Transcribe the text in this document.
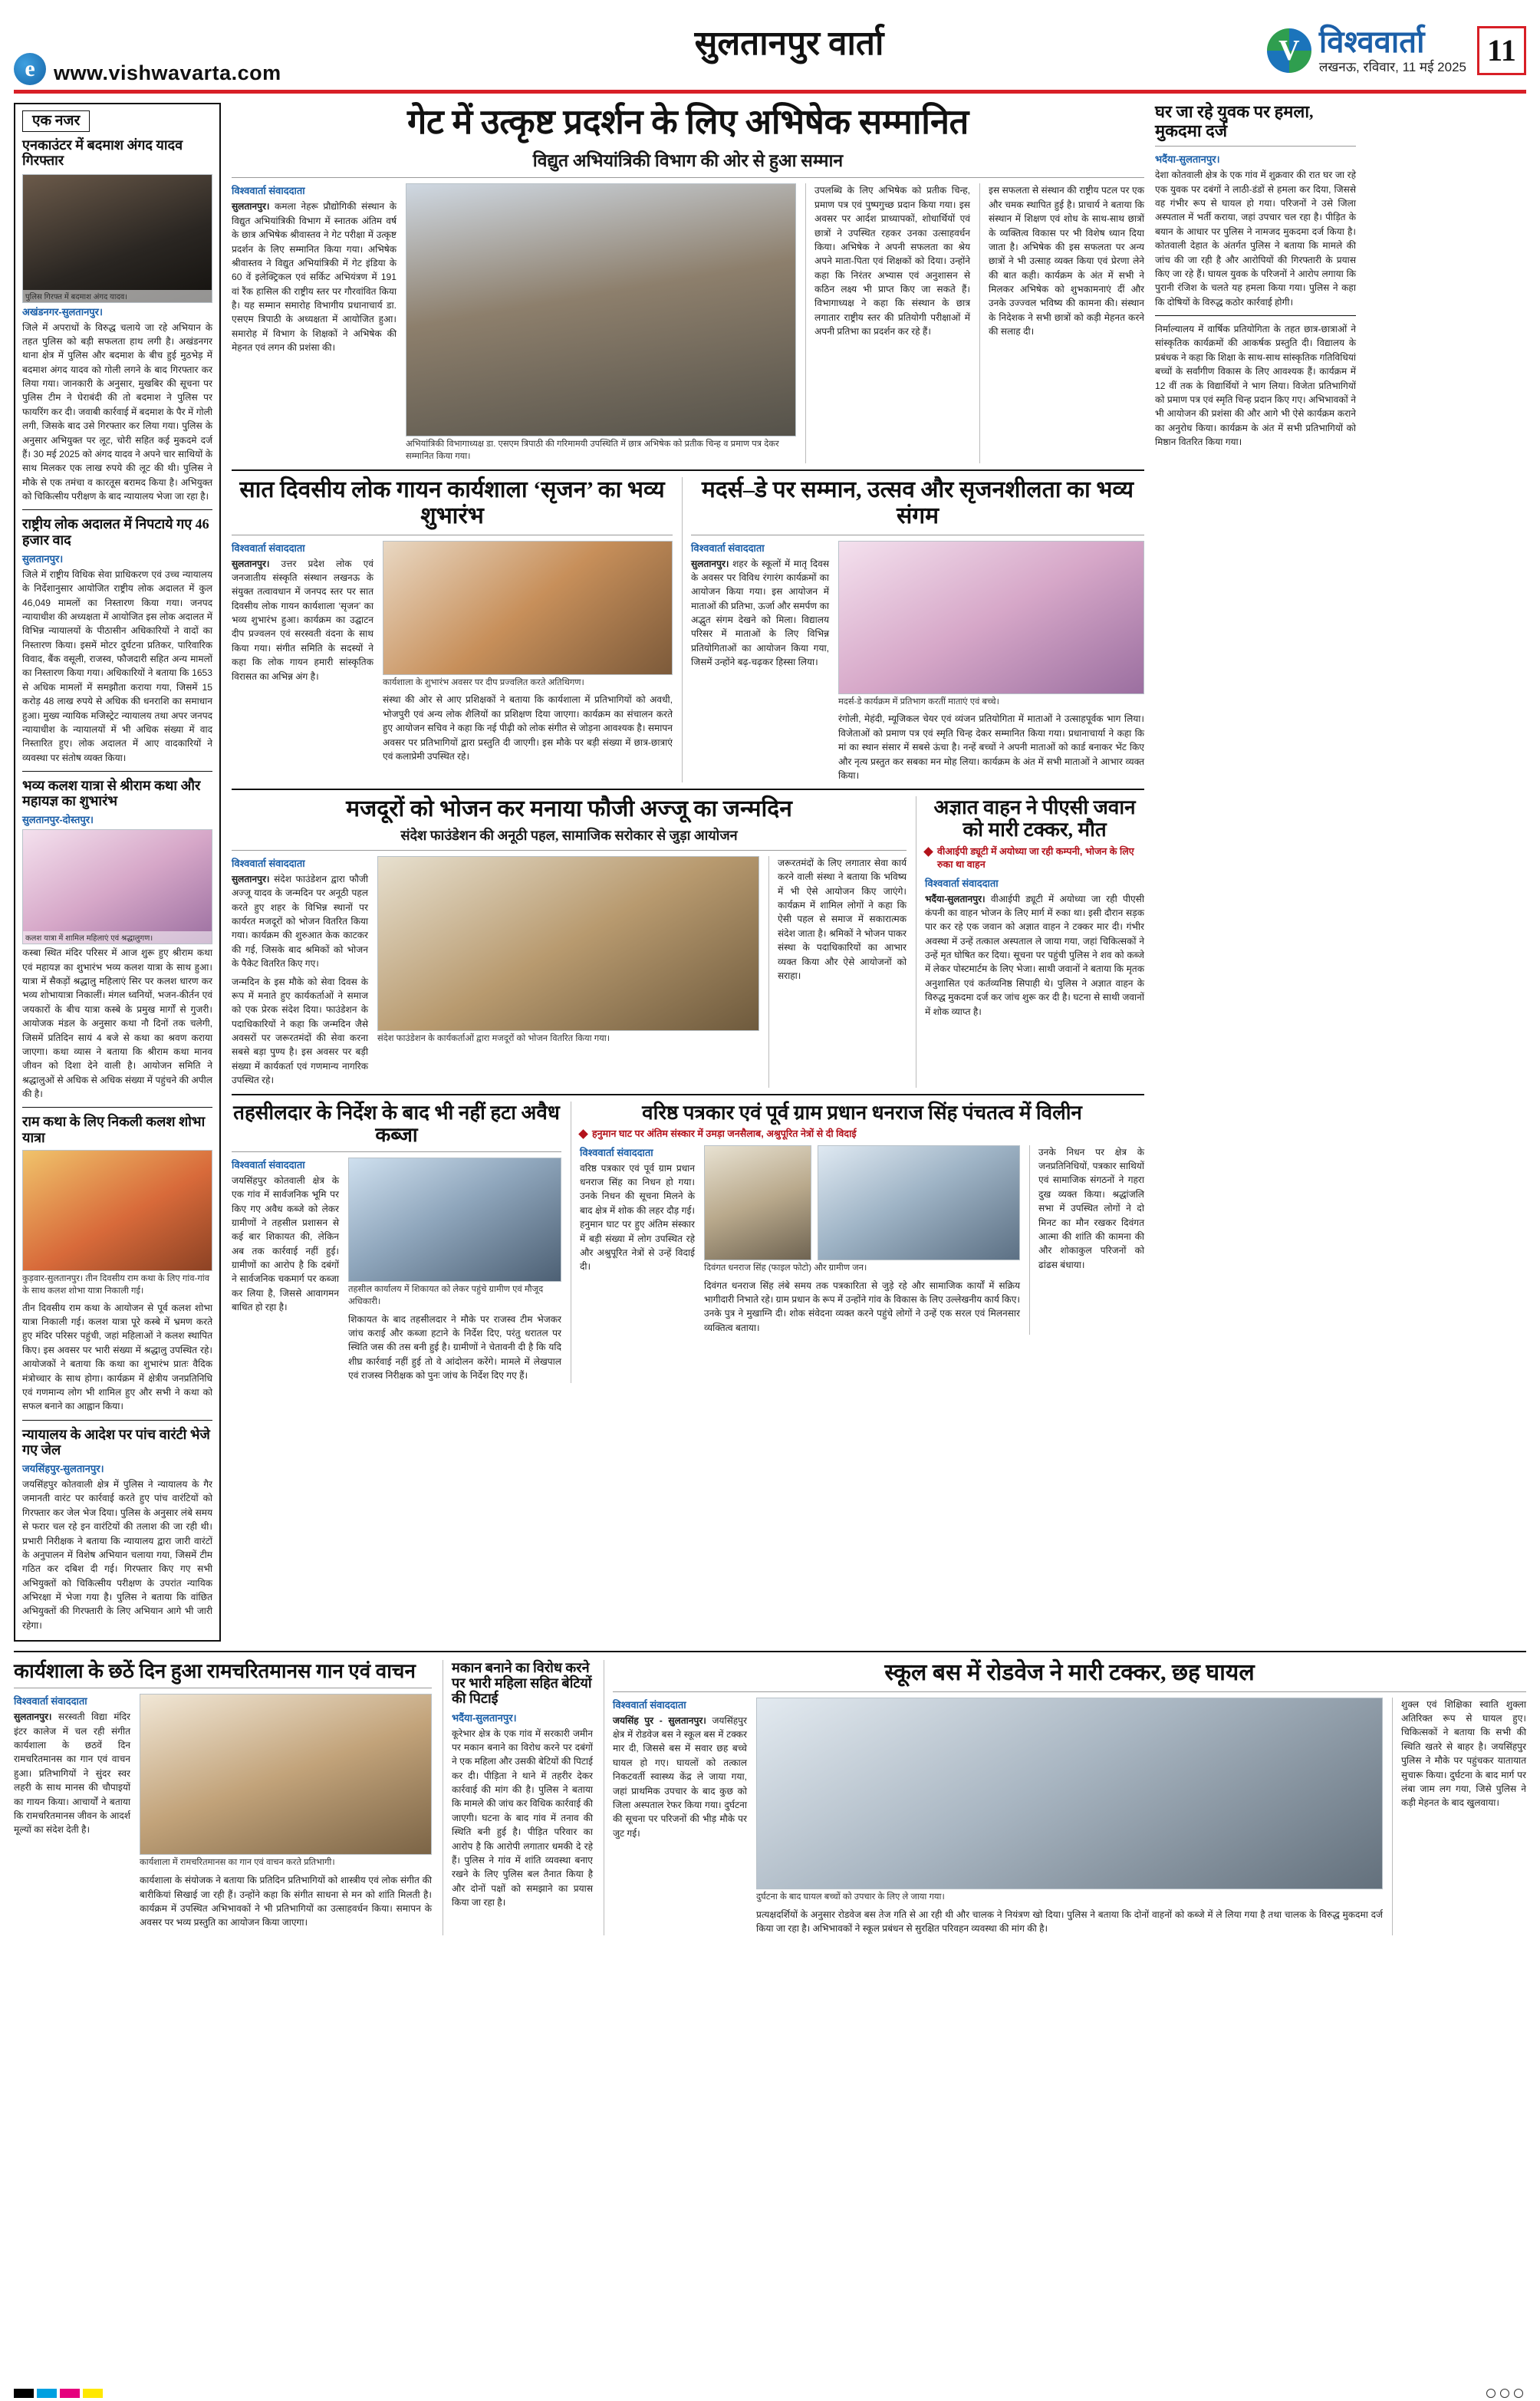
e www.vishwavarta.com
सुलतानपुर वार्ता V	विश्ववार्ता
लखनऊ, रविवार, 11 मई 2025 11
एक नजर
एनकाउंटर में बदमाश अंगद यादव गिरफ्तार
पुलिस गिरफ्त में बदमाश अंगद यादव।
अखंडनगर-सुलतानपुर।
जिले में अपराधों के विरुद्ध चलाये जा रहे अभियान के तहत पुलिस को बड़ी सफलता हाथ लगी है। अखंडनगर थाना क्षेत्र में पुलिस और बदमाश के बीच हुई मुठभेड़ में बदमाश अंगद यादव को गोली लगने के बाद गिरफ्तार कर लिया गया। जानकारी के अनुसार, मुखबिर की सूचना पर पुलिस टीम ने घेराबंदी की तो बदमाश ने पुलिस पर फायरिंग कर दी। जवाबी कार्रवाई में बदमाश के पैर में गोली लगी, जिसके बाद उसे गिरफ्तार कर लिया गया। पुलिस के अनुसार अभियुक्त पर लूट, चोरी सहित कई मुकदमे दर्ज हैं। 30 मई 2025 को अंगद यादव ने अपने चार साथियों के साथ मिलकर एक लाख रुपये की लूट की थी। पुलिस ने मौके से एक तमंचा व कारतूस बरामद किया है। अभियुक्त को चिकित्सीय परीक्षण के बाद न्यायालय भेजा जा रहा है।
राष्ट्रीय लोक अदालत में निपटाये गए 46 हजार वाद
सुलतानपुर।
जिले में राष्ट्रीय विधिक सेवा प्राधिकरण एवं उच्च न्यायालय के निर्देशानुसार आयोजित राष्ट्रीय लोक अदालत में कुल 46,049 मामलों का निस्तारण किया गया। जनपद न्यायाधीश की अध्यक्षता में आयोजित इस लोक अदालत में विभिन्न न्यायालयों के पीठासीन अधिकारियों ने वादों का निस्तारण किया। इसमें मोटर दुर्घटना प्रतिकर, पारिवारिक विवाद, बैंक वसूली, राजस्व, फौजदारी सहित अन्य मामलों का निस्तारण किया गया। अधिकारियों ने बताया कि 1653 से अधिक मामलों में समझौता कराया गया, जिसमें 15 करोड़ 48 लाख रुपये से अधिक की धनराशि का समाधान हुआ। मुख्य न्यायिक मजिस्ट्रेट न्यायालय तथा अपर जनपद न्यायाधीश के न्यायालयों में भी अधिक संख्या में वाद निस्तारित हुए। लोक अदालत में आए वादकारियों ने व्यवस्था पर संतोष व्यक्त किया।
भव्य कलश यात्रा से श्रीराम कथा और महायज्ञ का शुभारंभ
सुलतानपुर-दोस्तपुर।
कलश यात्रा में शामिल महिलाएं एवं श्रद्धालुगण।
कस्बा स्थित मंदिर परिसर में आज शुरू हुए श्रीराम कथा एवं महायज्ञ का शुभारंभ भव्य कलश यात्रा के साथ हुआ। यात्रा में सैकड़ों श्रद्धालु महिलाएं सिर पर कलश धारण कर भव्य शोभायात्रा निकालीं। मंगल ध्वनियों, भजन-कीर्तन एवं जयकारों के बीच यात्रा कस्बे के प्रमुख मार्गों से गुजरी। आयोजक मंडल के अनुसार कथा नौ दिनों तक चलेगी, जिसमें प्रतिदिन सायं 4 बजे से कथा का श्रवण कराया जाएगा। कथा व्यास ने बताया कि श्रीराम कथा मानव जीवन को दिशा देने वाली है। आयोजन समिति ने श्रद्धालुओं से अधिक से अधिक संख्या में पहुंचने की अपील की है।
राम कथा के लिए निकली कलश शोभा यात्रा
कुड़वार-सुलतानपुर। तीन दिवसीय राम कथा के लिए गांव-गांव के साथ कलश शोभा यात्रा निकाली गई।
तीन दिवसीय राम कथा के आयोजन से पूर्व कलश शोभा यात्रा निकाली गई। कलश यात्रा पूरे कस्बे में भ्रमण करते हुए मंदिर परिसर पहुंची, जहां महिलाओं ने कलश स्थापित किए। इस अवसर पर भारी संख्या में श्रद्धालु उपस्थित रहे। आयोजकों ने बताया कि कथा का शुभारंभ प्रातः वैदिक मंत्रोच्चार के साथ होगा। कार्यक्रम में क्षेत्रीय जनप्रतिनिधि एवं गणमान्य लोग भी शामिल हुए और सभी ने कथा को सफल बनाने का आह्वान किया।
न्यायालय के आदेश पर पांच वारंटी भेजे गए जेल
जयसिंहपुर-सुलतानपुर।
जयसिंहपुर कोतवाली क्षेत्र में पुलिस ने न्यायालय के गैर जमानती वारंट पर कार्रवाई करते हुए पांच वारंटियों को गिरफ्तार कर जेल भेज दिया। पुलिस के अनुसार लंबे समय से फरार चल रहे इन वारंटियों की तलाश की जा रही थी। प्रभारी निरीक्षक ने बताया कि न्यायालय द्वारा जारी वारंटों के अनुपालन में विशेष अभियान चलाया गया, जिसमें टीम गठित कर दबिश दी गई। गिरफ्तार किए गए सभी अभियुक्तों को चिकित्सीय परीक्षण के उपरांत न्यायिक अभिरक्षा में भेजा गया है। पुलिस ने बताया कि वांछित अभियुक्तों की गिरफ्तारी के लिए अभियान आगे भी जारी रहेगा।
गेट में उत्कृष्ट प्रदर्शन के लिए अभिषेक सम्मानित
विद्युत अभियांत्रिकी विभाग की ओर से हुआ सम्मान
विश्ववार्ता संवाददाता
सुलतानपुर। कमला नेहरू प्रौद्योगिकी संस्थान के विद्युत अभियांत्रिकी विभाग में स्नातक अंतिम वर्ष के छात्र अभिषेक श्रीवास्तव ने गेट परीक्षा में उत्कृष्ट प्रदर्शन के लिए सम्मानित किया गया। अभिषेक श्रीवास्तव ने विद्युत अभियांत्रिकी में गेट इंडिया के 60 वें इलेक्ट्रिकल एवं सर्किट अभियंत्रण में 191 वां रैंक हासिल की राष्ट्रीय स्तर पर गौरवांवित किया है। यह सम्मान समारोह विभागीय प्रधानाचार्य डा. एसएम त्रिपाठी के अध्यक्षता में आयोजित हुआ। समारोह में विभाग के शिक्षकों ने अभिषेक की मेहनत एवं लगन की प्रशंसा की।
अभियांत्रिकी विभागाध्यक्ष डा. एसएम त्रिपाठी की गरिमामयी उपस्थिति में छात्र अभिषेक को प्रतीक चिन्ह व प्रमाण पत्र देकर सम्मानित किया गया।
उपलब्धि के लिए अभिषेक को प्रतीक चिन्ह, प्रमाण पत्र एवं पुष्पगुच्छ प्रदान किया गया। इस अवसर पर आर्दश प्राध्यापकों, शोधार्थियों एवं छात्रों ने उपस्थित रहकर उनका उत्साहवर्धन किया। अभिषेक ने अपनी सफलता का श्रेय अपने माता-पिता एवं शिक्षकों को दिया। उन्होंने कहा कि निरंतर अभ्यास एवं अनुशासन से कठिन लक्ष्य भी प्राप्त किए जा सकते हैं। विभागाध्यक्ष ने कहा कि संस्थान के छात्र लगातार राष्ट्रीय स्तर की प्रतियोगी परीक्षाओं में अपनी प्रतिभा का प्रदर्शन कर रहे हैं।
इस सफलता से संस्थान की राष्ट्रीय पटल पर एक और चमक स्थापित हुई है। प्राचार्य ने बताया कि संस्थान में शिक्षण एवं शोध के साथ-साथ छात्रों के व्यक्तित्व विकास पर भी विशेष ध्यान दिया जाता है। अभिषेक की इस सफलता पर अन्य छात्रों ने भी उत्साह व्यक्त किया एवं प्रेरणा लेने की बात कही। कार्यक्रम के अंत में सभी ने मिलकर अभिषेक को शुभकामनाएं दीं और उनके उज्ज्वल भविष्य की कामना की। संस्थान के निदेशक ने सभी छात्रों को कड़ी मेहनत करने की सलाह दी।
सात दिवसीय लोक गायन कार्यशाला ‘सृजन’ का भव्य शुभारंभ
विश्ववार्ता संवाददाता
सुलतानपुर। उत्तर प्रदेश लोक एवं जनजातीय संस्कृति संस्थान लखनऊ के संयुक्त तत्वावधान में जनपद स्तर पर सात दिवसीय लोक गायन कार्यशाला ‘सृजन’ का भव्य शुभारंभ हुआ। कार्यक्रम का उद्घाटन दीप प्रज्वलन एवं सरस्वती वंदना के साथ किया गया। संगीत समिति के सदस्यों ने कहा कि लोक गायन हमारी सांस्कृतिक विरासत का अभिन्न अंग है।
कार्यशाला के शुभारंभ अवसर पर दीप प्रज्वलित करते अतिथिगण।
संस्था की ओर से आए प्रशिक्षकों ने बताया कि कार्यशाला में प्रतिभागियों को अवधी, भोजपुरी एवं अन्य लोक शैलियों का प्रशिक्षण दिया जाएगा। कार्यक्रम का संचालन करते हुए आयोजन सचिव ने कहा कि नई पीढ़ी को लोक संगीत से जोड़ना आवश्यक है। समापन अवसर पर प्रतिभागियों द्वारा प्रस्तुति दी जाएगी। इस मौके पर बड़ी संख्या में छात्र-छात्राएं एवं कलाप्रेमी उपस्थित रहे।
मदर्स–डे पर सम्मान, उत्सव और सृजनशीलता का भव्य संगम
विश्ववार्ता संवाददाता
सुलतानपुर। शहर के स्कूलों में मातृ दिवस के अवसर पर विविध रंगारंग कार्यक्रमों का आयोजन किया गया। इस आयोजन में माताओं की प्रतिभा, ऊर्जा और समर्पण का अद्भुत संगम देखने को मिला। विद्यालय परिसर में माताओं के लिए विभिन्न प्रतियोगिताओं का आयोजन किया गया, जिसमें उन्होंने बढ़-चढ़कर हिस्सा लिया।
मदर्स-डे कार्यक्रम में प्रतिभाग करतीं माताएं एवं बच्चे।
रंगोली, मेहंदी, म्यूजिकल चेयर एवं व्यंजन प्रतियोगिता में माताओं ने उत्साहपूर्वक भाग लिया। विजेताओं को प्रमाण पत्र एवं स्मृति चिन्ह देकर सम्मानित किया गया। प्रधानाचार्या ने कहा कि मां का स्थान संसार में सबसे ऊंचा है। नन्हें बच्चों ने अपनी माताओं को कार्ड बनाकर भेंट किए और नृत्य प्रस्तुत कर सबका मन मोह लिया। कार्यक्रम के अंत में सभी माताओं ने आभार व्यक्त किया।
मजदूरों को भोजन कर मनाया फौजी अज्जू का जन्मदिन
संदेश फाउंडेशन की अनूठी पहल, सामाजिक सरोकार से जुड़ा आयोजन
विश्ववार्ता संवाददाता
सुलतानपुर। संदेश फाउंडेशन द्वारा फौजी अज्जू यादव के जन्मदिन पर अनूठी पहल करते हुए शहर के विभिन्न स्थानों पर कार्यरत मजदूरों को भोजन वितरित किया गया। कार्यक्रम की शुरुआत केक काटकर की गई, जिसके बाद श्रमिकों को भोजन के पैकेट वितरित किए गए।
जन्मदिन के इस मौके को सेवा दिवस के रूप में मनाते हुए कार्यकर्ताओं ने समाज को एक प्रेरक संदेश दिया। फाउंडेशन के पदाधिकारियों ने कहा कि जन्मदिन जैसे अवसरों पर जरूरतमंदों की सेवा करना सबसे बड़ा पुण्य है। इस अवसर पर बड़ी संख्या में कार्यकर्ता एवं गणमान्य नागरिक उपस्थित रहे।
संदेश फाउंडेशन के कार्यकर्ताओं द्वारा मजदूरों को भोजन वितरित किया गया।
जरूरतमंदों के लिए लगातार सेवा कार्य करने वाली संस्था ने बताया कि भविष्य में भी ऐसे आयोजन किए जाएंगे। कार्यक्रम में शामिल लोगों ने कहा कि ऐसी पहल से समाज में सकारात्मक संदेश जाता है। श्रमिकों ने भोजन पाकर संस्था के पदाधिकारियों का आभार व्यक्त किया और ऐसे आयोजनों को सराहा।
अज्ञात वाहन ने पीएसी जवान को मारी टक्कर, मौत
वीआईपी ड्यूटी में अयोध्या जा रही कम्पनी, भोजन के लिए रुका था वाहन
विश्ववार्ता संवाददाता
भदैंया-सुलतानपुर। वीआईपी ड्यूटी में अयोध्या जा रही पीएसी कंपनी का वाहन भोजन के लिए मार्ग में रुका था। इसी दौरान सड़क पार कर रहे एक जवान को अज्ञात वाहन ने टक्कर मार दी। गंभीर अवस्था में उन्हें तत्काल अस्पताल ले जाया गया, जहां चिकित्सकों ने उन्हें मृत घोषित कर दिया। सूचना पर पहुंची पुलिस ने शव को कब्जे में लेकर पोस्टमार्टम के लिए भेजा। साथी जवानों ने बताया कि मृतक अनुशासित एवं कर्तव्यनिष्ठ सिपाही थे। पुलिस ने अज्ञात वाहन के विरुद्ध मुकदमा दर्ज कर जांच शुरू कर दी है। घटना से साथी जवानों में शोक व्याप्त है।
तहसीलदार के निर्देश के बाद भी नहीं हटा अवैध कब्जा
विश्ववार्ता संवाददाता
जयसिंहपुर कोतवाली क्षेत्र के एक गांव में सार्वजनिक भूमि पर किए गए अवैध कब्जे को लेकर ग्रामीणों ने तहसील प्रशासन से कई बार शिकायत की, लेकिन अब तक कार्रवाई नहीं हुई। ग्रामीणों का आरोप है कि दबंगों ने सार्वजनिक चकमार्ग पर कब्जा कर लिया है, जिससे आवागमन बाधित हो रहा है।
तहसील कार्यालय में शिकायत को लेकर पहुंचे ग्रामीण एवं मौजूद अधिकारी।
शिकायत के बाद तहसीलदार ने मौके पर राजस्व टीम भेजकर जांच कराई और कब्जा हटाने के निर्देश दिए, परंतु धरातल पर स्थिति जस की तस बनी हुई है। ग्रामीणों ने चेतावनी दी है कि यदि शीघ्र कार्रवाई नहीं हुई तो वे आंदोलन करेंगे। मामले में लेखपाल एवं राजस्व निरीक्षक को पुनः जांच के निर्देश दिए गए हैं।
वरिष्ठ पत्रकार एवं पूर्व ग्राम प्रधान धनराज सिंह पंचतत्व में विलीन
हनुमान घाट पर अंतिम संस्कार में उमड़ा जनसैलाब, अश्रुपूरित नेत्रों से दी विदाई
विश्ववार्ता संवाददाता
वरिष्ठ पत्रकार एवं पूर्व ग्राम प्रधान धनराज सिंह का निधन हो गया। उनके निधन की सूचना मिलने के बाद क्षेत्र में शोक की लहर दौड़ गई। हनुमान घाट पर हुए अंतिम संस्कार में बड़ी संख्या में लोग उपस्थित रहे और अश्रुपूरित नेत्रों से उन्हें विदाई दी।	दिवंगत धनराज सिंह (फाइल फोटो) और ग्रामीण जन।
दिवंगत धनराज सिंह लंबे समय तक पत्रकारिता से जुड़े रहे और सामाजिक कार्यों में सक्रिय भागीदारी निभाते रहे। ग्राम प्रधान के रूप में उन्होंने गांव के विकास के लिए उल्लेखनीय कार्य किए। उनके पुत्र ने मुखाग्नि दी। शोक संवेदना व्यक्त करने पहुंचे लोगों ने उन्हें एक सरल एवं मिलनसार व्यक्तित्व बताया।
उनके निधन पर क्षेत्र के जनप्रतिनिधियों, पत्रकार साथियों एवं सामाजिक संगठनों ने गहरा दुख व्यक्त किया। श्रद्धांजलि सभा में उपस्थित लोगों ने दो मिनट का मौन रखकर दिवंगत आत्मा की शांति की कामना की और शोकाकुल परिजनों को ढांढस बंधाया।
घर जा रहे युवक पर हमला, मुकदमा दर्ज
भदैंया-सुलतानपुर।
देशा कोतवाली क्षेत्र के एक गांव में शुक्रवार की रात घर जा रहे एक युवक पर दबंगों ने लाठी-डंडों से हमला कर दिया, जिससे वह गंभीर रूप से घायल हो गया। परिजनों ने उसे जिला अस्पताल में भर्ती कराया, जहां उपचार चल रहा है। पीड़ित के बयान के आधार पर पुलिस ने नामजद मुकदमा दर्ज किया है। कोतवाली देहात के अंतर्गत पुलिस ने बताया कि मामले की जांच की जा रही है और आरोपियों की गिरफ्तारी के प्रयास किए जा रहे हैं। घायल युवक के परिजनों ने आरोप लगाया कि पुरानी रंजिश के चलते यह हमला किया गया। पुलिस ने कहा कि दोषियों के विरुद्ध कठोर कार्रवाई होगी।
निर्माल्यालय में वार्षिक प्रतियोगिता के तहत छात्र-छात्राओं ने सांस्कृतिक कार्यक्रमों की आकर्षक प्रस्तुति दी। विद्यालय के प्रबंधक ने कहा कि शिक्षा के साथ-साथ सांस्कृतिक गतिविधियां बच्चों के सर्वांगीण विकास के लिए आवश्यक हैं। कार्यक्रम में 12 वीं तक के विद्यार्थियों ने भाग लिया। विजेता प्रतिभागियों को प्रमाण पत्र एवं स्मृति चिन्ह प्रदान किए गए। अभिभावकों ने भी आयोजन की प्रशंसा की और आगे भी ऐसे कार्यक्रम कराने का अनुरोध किया। कार्यक्रम के अंत में सभी प्रतिभागियों को मिष्ठान वितरित किया गया।
कार्यशाला के छठें दिन हुआ रामचरितमानस गान एवं वाचन
विश्ववार्ता संवाददाता
सुलतानपुर। सरस्वती विद्या मंदिर इंटर कालेज में चल रही संगीत कार्यशाला के छठवें दिन रामचरितमानस का गान एवं वाचन हुआ। प्रतिभागियों ने सुंदर स्वर लहरी के साथ मानस की चौपाइयों का गायन किया। आचार्यों ने बताया कि रामचरितमानस जीवन के आदर्श मूल्यों का संदेश देती है।
कार्यशाला में रामचरितमानस का गान एवं वाचन करते प्रतिभागी।
कार्यशाला के संयोजक ने बताया कि प्रतिदिन प्रतिभागियों को शास्त्रीय एवं लोक संगीत की बारीकियां सिखाई जा रही हैं। उन्होंने कहा कि संगीत साधना से मन को शांति मिलती है। कार्यक्रम में उपस्थित अभिभावकों ने भी प्रतिभागियों का उत्साहवर्धन किया। समापन के अवसर पर भव्य प्रस्तुति का आयोजन किया जाएगा।
मकान बनाने का विरोध करने पर भारी महिला सहित बेटियों की पिटाई
भदैंया-सुलतानपुर।
कूरेभार क्षेत्र के एक गांव में सरकारी जमीन पर मकान बनाने का विरोध करने पर दबंगों ने एक महिला और उसकी बेटियों की पिटाई कर दी। पीड़िता ने थाने में तहरीर देकर कार्रवाई की मांग की है। पुलिस ने बताया कि मामले की जांच कर विधिक कार्रवाई की जाएगी। घटना के बाद गांव में तनाव की स्थिति बनी हुई है। पीड़ित परिवार का आरोप है कि आरोपी लगातार धमकी दे रहे हैं। पुलिस ने गांव में शांति व्यवस्था बनाए रखने के लिए पुलिस बल तैनात किया है और दोनों पक्षों को समझाने का प्रयास किया जा रहा है।
स्कूल बस में रोडवेज ने मारी टक्कर, छह घायल
विश्ववार्ता संवाददाता
जयसिंह पुर - सुलतानपुर। जयसिंहपुर क्षेत्र में रोडवेज बस ने स्कूल बस में टक्कर मार दी, जिससे बस में सवार छह बच्चे घायल हो गए। घायलों को तत्काल निकटवर्ती स्वास्थ्य केंद्र ले जाया गया, जहां प्राथमिक उपचार के बाद कुछ को जिला अस्पताल रेफर किया गया। दुर्घटना की सूचना पर परिजनों की भीड़ मौके पर जुट गई।
दुर्घटना के बाद घायल बच्चों को उपचार के लिए ले जाया गया।
प्रत्यक्षदर्शियों के अनुसार रोडवेज बस तेज गति से आ रही थी और चालक ने नियंत्रण खो दिया। पुलिस ने बताया कि दोनों वाहनों को कब्जे में ले लिया गया है तथा चालक के विरुद्ध मुकदमा दर्ज किया जा रहा है। अभिभावकों ने स्कूल प्रबंधन से सुरक्षित परिवहन व्यवस्था की मांग की है।
शुक्ल एवं शिक्षिका स्वाति शुक्ला अतिरिक्त रूप से घायल हुए। चिकित्सकों ने बताया कि सभी की स्थिति खतरे से बाहर है। जयसिंहपुर पुलिस ने मौके पर पहुंचकर यातायात सुचारू किया। दुर्घटना के बाद मार्ग पर लंबा जाम लग गया, जिसे पुलिस ने कड़ी मेहनत के बाद खुलवाया।
